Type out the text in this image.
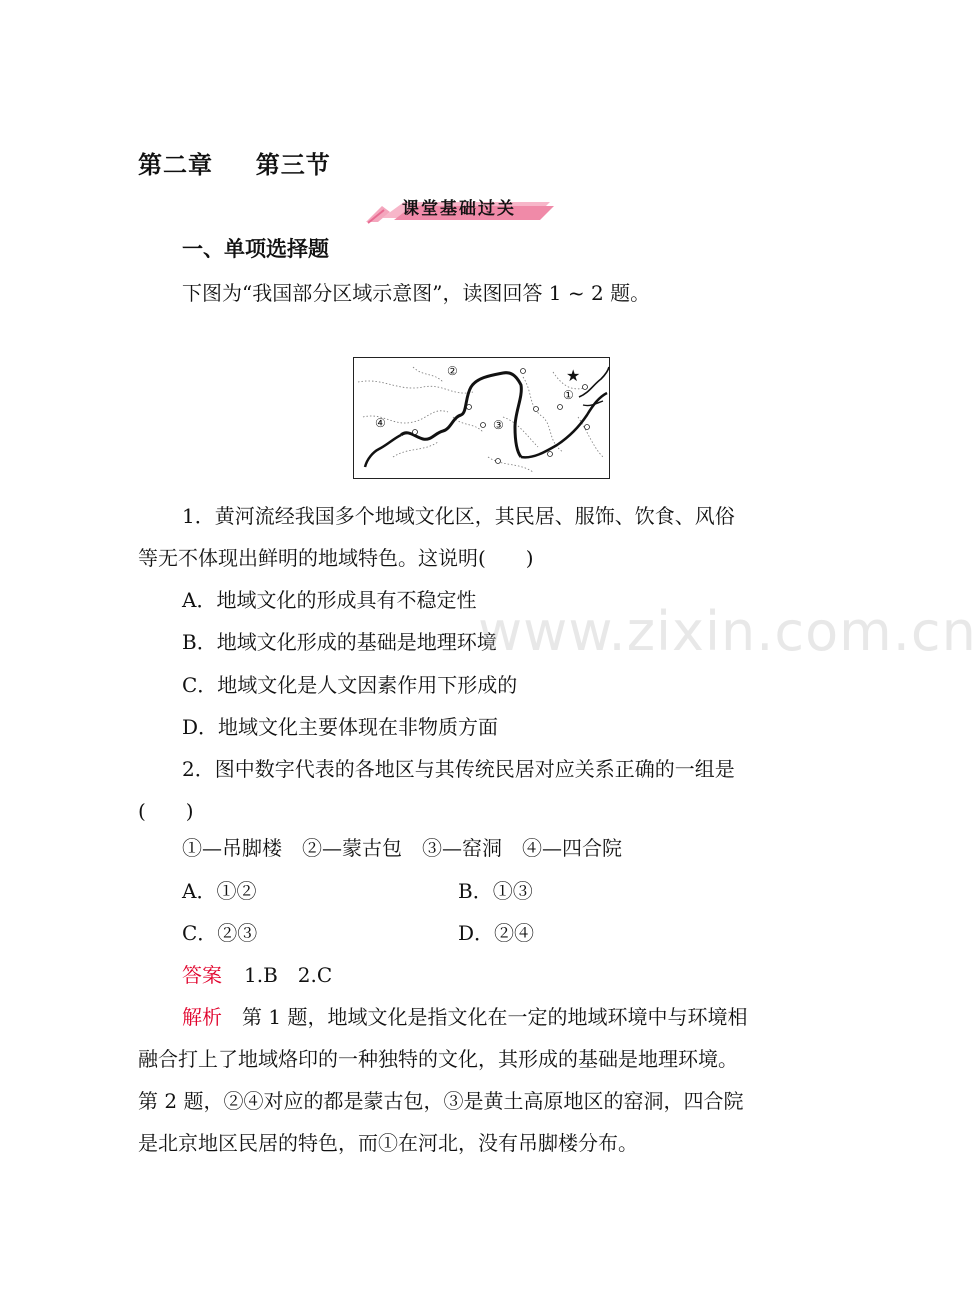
第二章 第三节
课堂基础过关
一、单项选择题
下图为“我国部分区域示意图”，读图回答 1 ~ 2 题。
②
①
③
④
★
1．黄河流经我国多个地域文化区，其民居、服饰、饮食、风俗
等无不体现出鲜明的地域特色。这说明(　　)
A．地域文化的形成具有不稳定性
B．地域文化形成的基础是地理环境
C．地域文化是人文因素作用下形成的
D．地域文化主要体现在非物质方面
2．图中数字代表的各地区与其传统民居对应关系正确的一组是
(　　)
①—吊脚楼　②—蒙古包　③—窑洞　④—四合院
A．①②	B．①③
C．②③	D．②④
答案 1.B　2.C
解析 第 1 题，地域文化是指文化在一定的地域环境中与环境相
融合打上了地域烙印的一种独特的文化，其形成的基础是地理环境。
第 2 题，②④对应的都是蒙古包，③是黄土高原地区的窑洞，四合院
是北京地区民居的特色，而①在河北，没有吊脚楼分布。
www.zixin.com.cn
